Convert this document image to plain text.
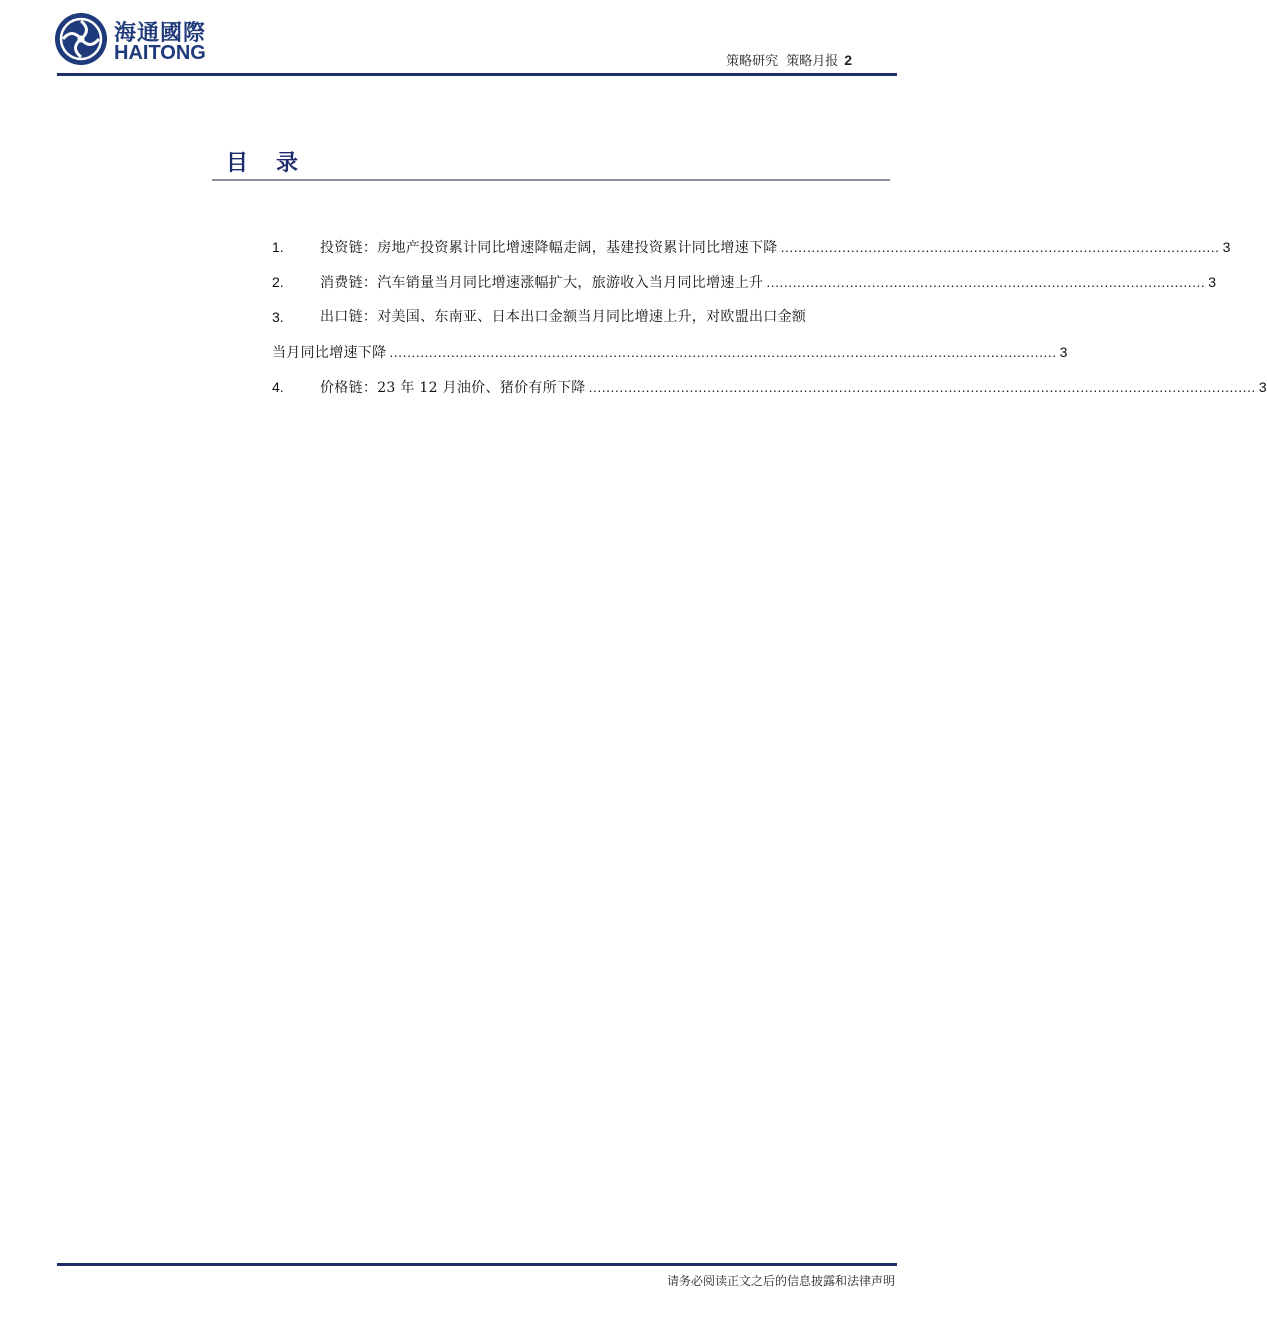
海通國際
HAITONG	策略研究 策略月报 2
目录
1.	投资链：房地产投资累计同比增速降幅走阔，基建投资累计同比增速下降 .................................................................................................... 3
2.	消费链：汽车销量当月同比增速涨幅扩大，旅游收入当月同比增速上升 .................................................................................................... 3
3.	出口链：对美国、东南亚、日本出口金额当月同比增速上升，对欧盟出口金额
当月同比增速下降 ........................................................................................................................................................ 3
4.	价格链：23 年 12 月油价、猪价有所下降 ........................................................................................................................................................ 3
请务必阅读正文之后的信息披露和法律声明
